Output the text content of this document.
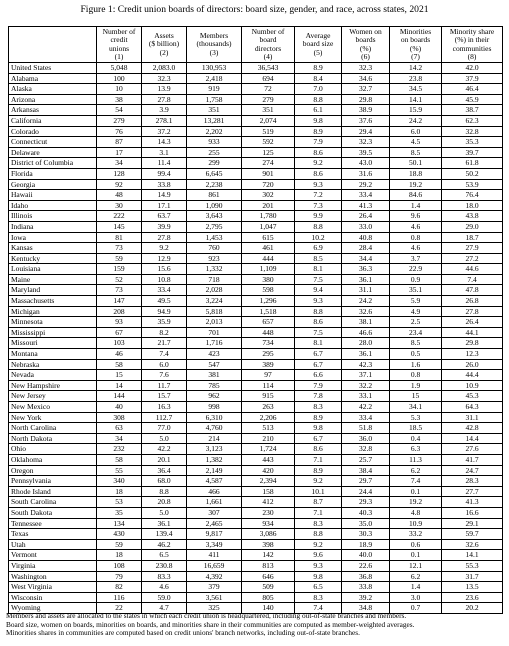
Figure 1: Credit union boards of directors: board size, gender, and race, across states, 2021

	Number of
credit
unions
(1)	Assets
($ billion)
(2)	Members
(thousands)
(3)	Number of
board
directors
(4)	Average
board size
(5)	Women on
boards
(%)
(6)	Minorities
on boards
(%)
(7)	Minority share
(%) in their
communities
(8)
United States	5,048	2,083.0	130,953	36,543	8.9	32.3	14.2	42.0
Alabama	100	32.3	2,418	694	8.4	34.6	23.8	37.9
Alaska	10	13.9	919	72	7.0	32.7	34.5	46.4
Arizona	38	27.8	1,758	279	8.8	29.8	14.1	45.9
Arkansas	54	3.9	351	351	6.1	38.9	15.9	38.7
California	279	278.1	13,281	2,074	9.8	37.6	24.2	62.3
Colorado	76	37.2	2,202	519	8.9	29.4	6.0	32.8
Connecticut	87	14.3	933	592	7.9	32.3	4.5	35.3
Delaware	17	3.1	255	125	8.6	39.5	8.5	39.7
District of Columbia	34	11.4	299	274	9.2	43.0	50.1	61.8
Florida	128	99.4	6,645	901	8.6	31.6	18.8	50.2
Georgia	92	33.8	2,238	720	9.3	29.2	19.2	53.9
Hawaii	48	14.9	861	302	7.2	33.4	84.6	76.4
Idaho	30	17.1	1,090	201	7.3	41.3	1.4	18.0
Illinois	222	63.7	3,643	1,780	9.9	26.4	9.6	43.8
Indiana	145	39.9	2,795	1,047	8.8	33.0	4.6	29.0
Iowa	81	27.8	1,453	615	10.2	40.8	0.8	18.7
Kansas	73	9.2	760	461	6.9	28.4	4.6	27.9
Kentucky	59	12.9	923	444	8.5	34.4	3.7	27.2
Louisiana	159	15.6	1,332	1,109	8.1	36.3	22.9	44.6
Maine	52	10.8	718	380	7.5	36.1	0.9	7.4
Maryland	73	33.4	2,028	598	9.4	31.1	35.1	47.8
Massachusetts	147	49.5	3,224	1,296	9.3	24.2	5.9	26.8
Michigan	208	94.9	5,818	1,518	8.8	32.6	4.9	27.8
Minnesota	93	35.9	2,013	657	8.6	38.1	2.5	26.4
Mississippi	67	8.2	701	448	7.5	46.6	23.4	44.1
Missouri	103	21.7	1,716	734	8.1	28.0	8.5	29.8
Montana	46	7.4	423	295	6.7	36.1	0.5	12.3
Nebraska	58	6.0	547	389	6.7	42.3	1.6	26.0
Nevada	15	7.6	381	97	6.6	37.1	0.8	44.4
New Hampshire	14	11.7	785	114	7.9	32.2	1.9	10.9
New Jersey	144	15.7	962	915	7.8	33.1	15	45.3
New Mexico	40	16.3	998	263	8.3	42.2	34.1	64.3
New York	308	112.7	6,310	2,206	8.9	33.4	5.3	31.1
North Carolina	63	77.0	4,760	513	9.8	51.8	18.5	42.8
North Dakota	34	5.0	214	210	6.7	36.0	0.4	14.4
Ohio	232	42.2	3,123	1,724	8.6	32.8	6.3	27.6
Oklahoma	58	20.1	1,382	443	7.1	25.7	11.3	41.7
Oregon	55	36.4	2,149	420	8.9	38.4	6.2	24.7
Pennsylvania	340	68.0	4,587	2,394	9.2	29.7	7.4	28.3
Rhode Island	18	8.8	466	158	10.1	24.4	0.1	27.7
South Carolina	53	20.8	1,661	412	8.7	29.3	19.2	41.3
South Dakota	35	5.0	307	230	7.1	40.3	4.8	16.6
Tennessee	134	36.1	2,465	934	8.3	35.0	10.9	29.1
Texas	430	139.4	9,817	3,086	8.8	30.3	33.2	59.7
Utah	59	46.2	3,349	398	9.2	18.9	0.6	32.6
Vermont	18	6.5	411	142	9.6	40.0	0.1	14.1
Virginia	108	230.8	16,659	813	9.3	22.6	12.1	55.3
Washington	79	83.3	4,392	646	9.8	36.8	6.2	31.7
West Virginia	82	4.6	379	509	6.5	33.8	1.4	13.5
Wisconsin	116	59.0	3,561	805	8.3	39.2	3.0	23.6
Wyoming	22	4.7	325	140	7.4	34.8	0.7	20.2
Members and assets are allocated to the states in which each credit union is headquartered, including out-of-state branches and members.
Board size, women on boards, minorities on boards, and minorities share in their communities are computed as member-weighted averages.
Minorities shares in communities are computed based on credit unions' branch networks, including out-of-state branches.
